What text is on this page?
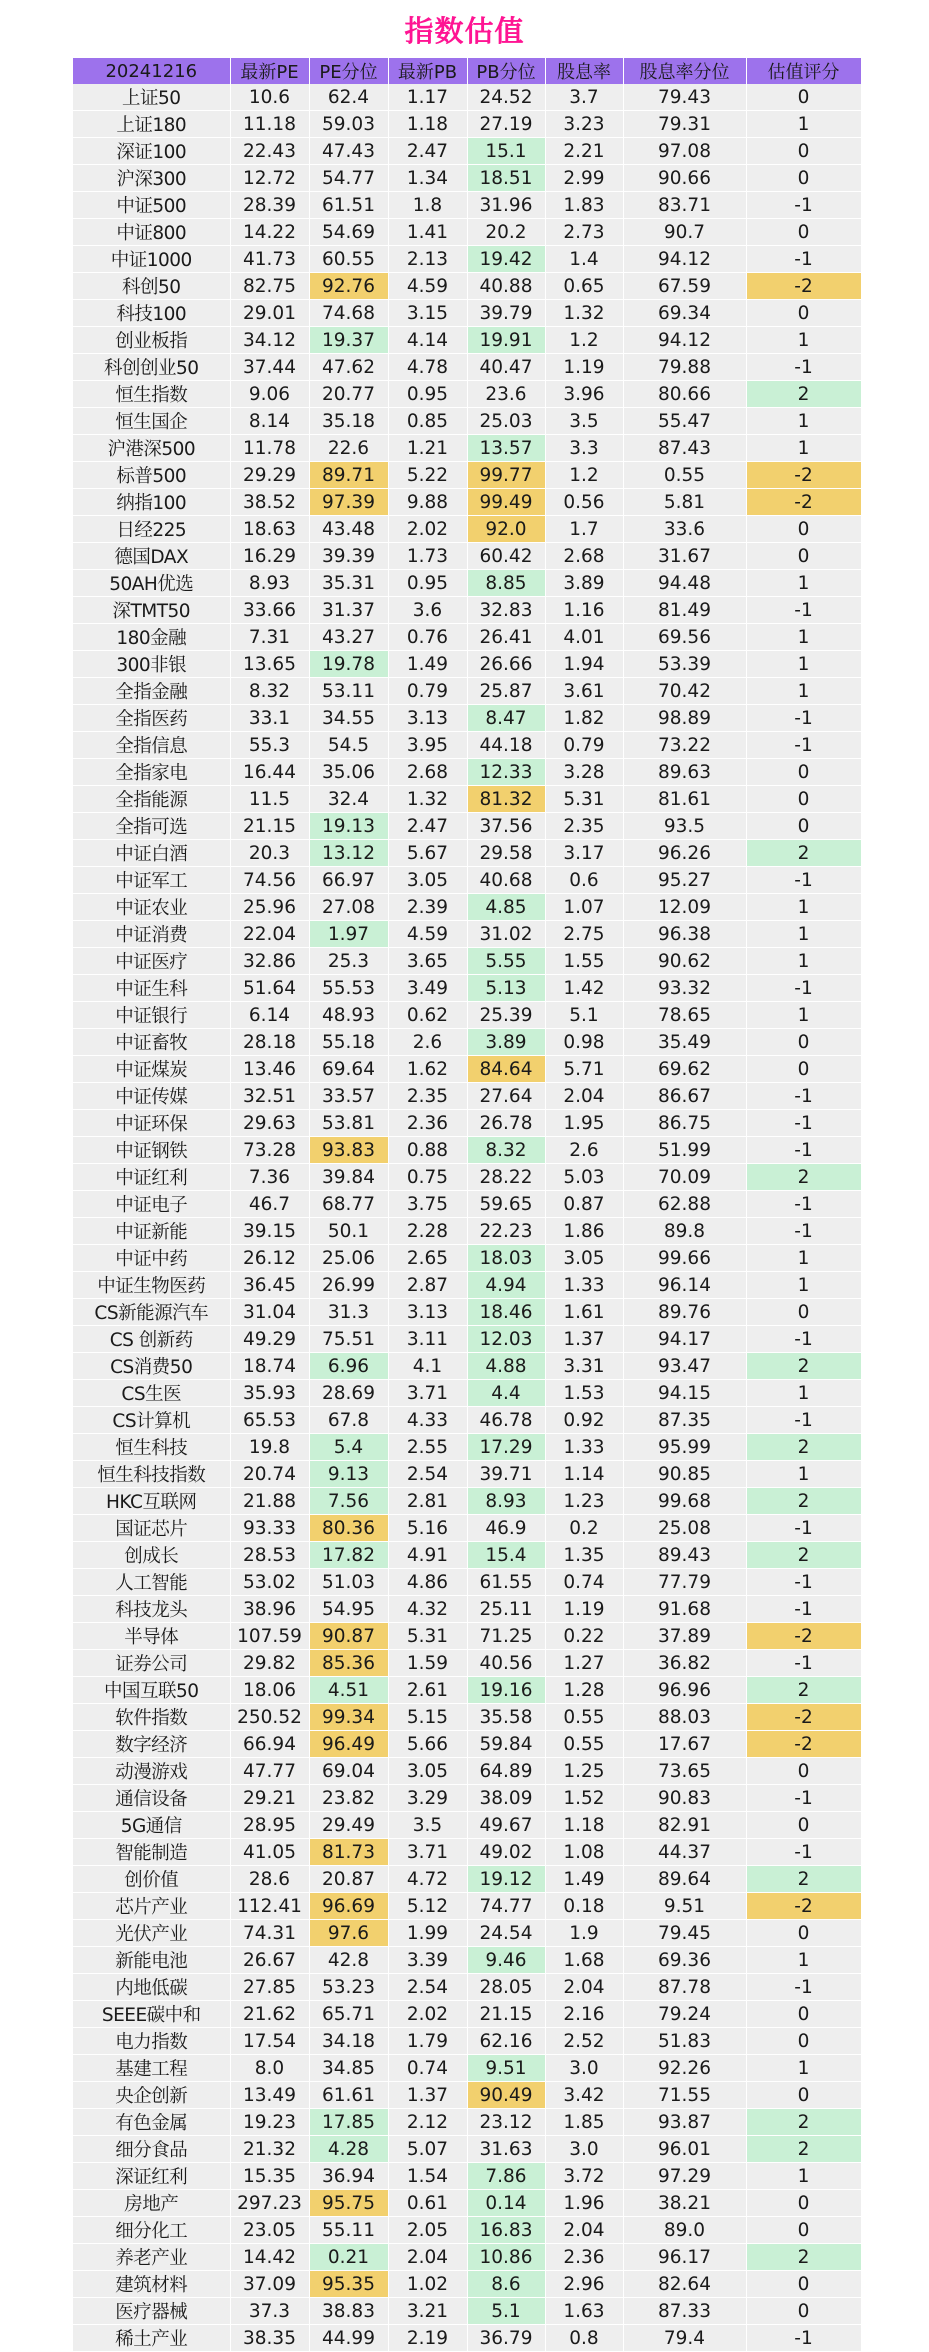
指数估值
20241216	最新PE	PE分位	最新PB	PB分位	股息率	股息率分位	估值评分
上证50	10.6	62.4	1.17	24.52	3.7	79.43	0
上证180	11.18	59.03	1.18	27.19	3.23	79.31	1
深证100	22.43	47.43	2.47	15.1	2.21	97.08	0
沪深300	12.72	54.77	1.34	18.51	2.99	90.66	0
中证500	28.39	61.51	1.8	31.96	1.83	83.71	-1
中证800	14.22	54.69	1.41	20.2	2.73	90.7	0
中证1000	41.73	60.55	2.13	19.42	1.4	94.12	-1
科创50	82.75	92.76	4.59	40.88	0.65	67.59	-2
科技100	29.01	74.68	3.15	39.79	1.32	69.34	0
创业板指	34.12	19.37	4.14	19.91	1.2	94.12	1
科创创业50	37.44	47.62	4.78	40.47	1.19	79.88	-1
恒生指数	9.06	20.77	0.95	23.6	3.96	80.66	2
恒生国企	8.14	35.18	0.85	25.03	3.5	55.47	1
沪港深500	11.78	22.6	1.21	13.57	3.3	87.43	1
标普500	29.29	89.71	5.22	99.77	1.2	0.55	-2
纳指100	38.52	97.39	9.88	99.49	0.56	5.81	-2
日经225	18.63	43.48	2.02	92.0	1.7	33.6	0
德国DAX	16.29	39.39	1.73	60.42	2.68	31.67	0
50AH优选	8.93	35.31	0.95	8.85	3.89	94.48	1
深TMT50	33.66	31.37	3.6	32.83	1.16	81.49	-1
180金融	7.31	43.27	0.76	26.41	4.01	69.56	1
300非银	13.65	19.78	1.49	26.66	1.94	53.39	1
全指金融	8.32	53.11	0.79	25.87	3.61	70.42	1
全指医药	33.1	34.55	3.13	8.47	1.82	98.89	-1
全指信息	55.3	54.5	3.95	44.18	0.79	73.22	-1
全指家电	16.44	35.06	2.68	12.33	3.28	89.63	0
全指能源	11.5	32.4	1.32	81.32	5.31	81.61	0
全指可选	21.15	19.13	2.47	37.56	2.35	93.5	0
中证白酒	20.3	13.12	5.67	29.58	3.17	96.26	2
中证军工	74.56	66.97	3.05	40.68	0.6	95.27	-1
中证农业	25.96	27.08	2.39	4.85	1.07	12.09	1
中证消费	22.04	1.97	4.59	31.02	2.75	96.38	1
中证医疗	32.86	25.3	3.65	5.55	1.55	90.62	1
中证生科	51.64	55.53	3.49	5.13	1.42	93.32	-1
中证银行	6.14	48.93	0.62	25.39	5.1	78.65	1
中证畜牧	28.18	55.18	2.6	3.89	0.98	35.49	0
中证煤炭	13.46	69.64	1.62	84.64	5.71	69.62	0
中证传媒	32.51	33.57	2.35	27.64	2.04	86.67	-1
中证环保	29.63	53.81	2.36	26.78	1.95	86.75	-1
中证钢铁	73.28	93.83	0.88	8.32	2.6	51.99	-1
中证红利	7.36	39.84	0.75	28.22	5.03	70.09	2
中证电子	46.7	68.77	3.75	59.65	0.87	62.88	-1
中证新能	39.15	50.1	2.28	22.23	1.86	89.8	-1
中证中药	26.12	25.06	2.65	18.03	3.05	99.66	1
中证生物医药	36.45	26.99	2.87	4.94	1.33	96.14	1
CS新能源汽车	31.04	31.3	3.13	18.46	1.61	89.76	0
CS 创新药	49.29	75.51	3.11	12.03	1.37	94.17	-1
CS消费50	18.74	6.96	4.1	4.88	3.31	93.47	2
CS生医	35.93	28.69	3.71	4.4	1.53	94.15	1
CS计算机	65.53	67.8	4.33	46.78	0.92	87.35	-1
恒生科技	19.8	5.4	2.55	17.29	1.33	95.99	2
恒生科技指数	20.74	9.13	2.54	39.71	1.14	90.85	1
HKC互联网	21.88	7.56	2.81	8.93	1.23	99.68	2
国证芯片	93.33	80.36	5.16	46.9	0.2	25.08	-1
创成长	28.53	17.82	4.91	15.4	1.35	89.43	2
人工智能	53.02	51.03	4.86	61.55	0.74	77.79	-1
科技龙头	38.96	54.95	4.32	25.11	1.19	91.68	-1
半导体	107.59	90.87	5.31	71.25	0.22	37.89	-2
证券公司	29.82	85.36	1.59	40.56	1.27	36.82	-1
中国互联50	18.06	4.51	2.61	19.16	1.28	96.96	2
软件指数	250.52	99.34	5.15	35.58	0.55	88.03	-2
数字经济	66.94	96.49	5.66	59.84	0.55	17.67	-2
动漫游戏	47.77	69.04	3.05	64.89	1.25	73.65	0
通信设备	29.21	23.82	3.29	38.09	1.52	90.83	-1
5G通信	28.95	29.49	3.5	49.67	1.18	82.91	0
智能制造	41.05	81.73	3.71	49.02	1.08	44.37	-1
创价值	28.6	20.87	4.72	19.12	1.49	89.64	2
芯片产业	112.41	96.69	5.12	74.77	0.18	9.51	-2
光伏产业	74.31	97.6	1.99	24.54	1.9	79.45	0
新能电池	26.67	42.8	3.39	9.46	1.68	69.36	1
内地低碳	27.85	53.23	2.54	28.05	2.04	87.78	-1
SEEE碳中和	21.62	65.71	2.02	21.15	2.16	79.24	0
电力指数	17.54	34.18	1.79	62.16	2.52	51.83	0
基建工程	8.0	34.85	0.74	9.51	3.0	92.26	1
央企创新	13.49	61.61	1.37	90.49	3.42	71.55	0
有色金属	19.23	17.85	2.12	23.12	1.85	93.87	2
细分食品	21.32	4.28	5.07	31.63	3.0	96.01	2
深证红利	15.35	36.94	1.54	7.86	3.72	97.29	1
房地产	297.23	95.75	0.61	0.14	1.96	38.21	0
细分化工	23.05	55.11	2.05	16.83	2.04	89.0	0
养老产业	14.42	0.21	2.04	10.86	2.36	96.17	2
建筑材料	37.09	95.35	1.02	8.6	2.96	82.64	0
医疗器械	37.3	38.83	3.21	5.1	1.63	87.33	0
稀土产业	38.35	44.99	2.19	36.79	0.8	79.4	-1
